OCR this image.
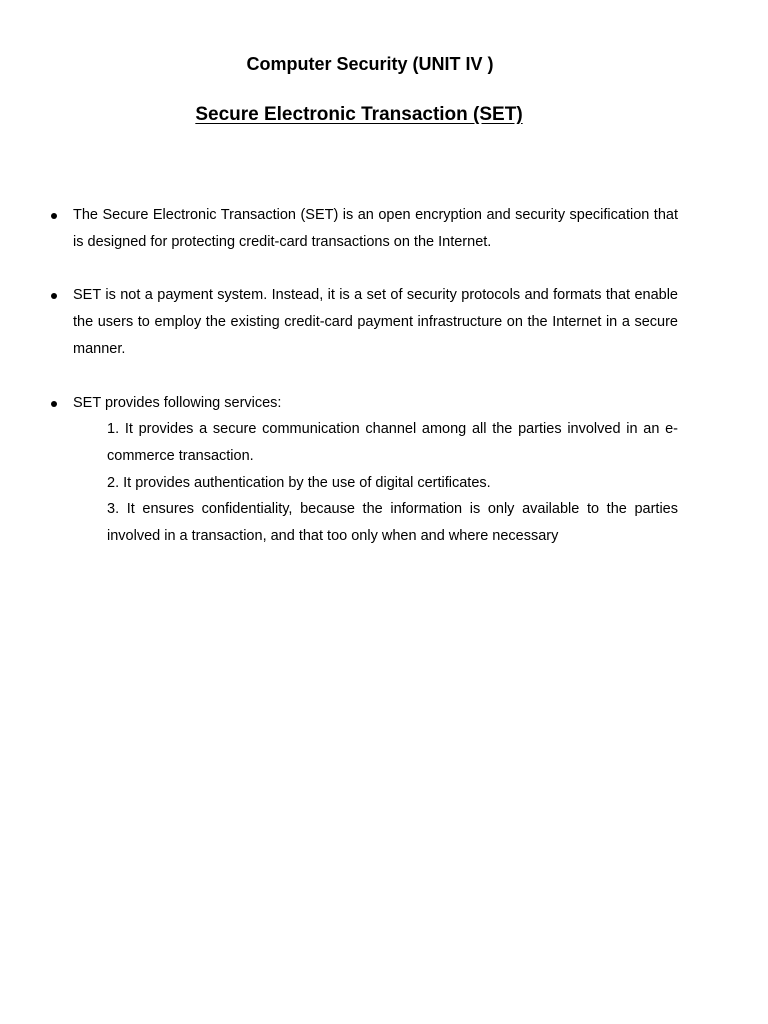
Computer Security (UNIT IV )
Secure Electronic Transaction (SET)
The Secure Electronic Transaction (SET) is an open encryption and security specification that is designed for protecting credit-card transactions on the Internet.
SET is not a payment system. Instead, it is a set of security protocols and formats that enable the users to employ the existing credit-card payment infrastructure on the Internet in a secure manner.
SET provides following services:
1. It provides a secure communication channel among all the parties involved in an e-commerce transaction.
2. It provides authentication by the use of digital certificates.
3. It ensures confidentiality, because the information is only available to the parties involved in a transaction, and that too only when and where necessary
